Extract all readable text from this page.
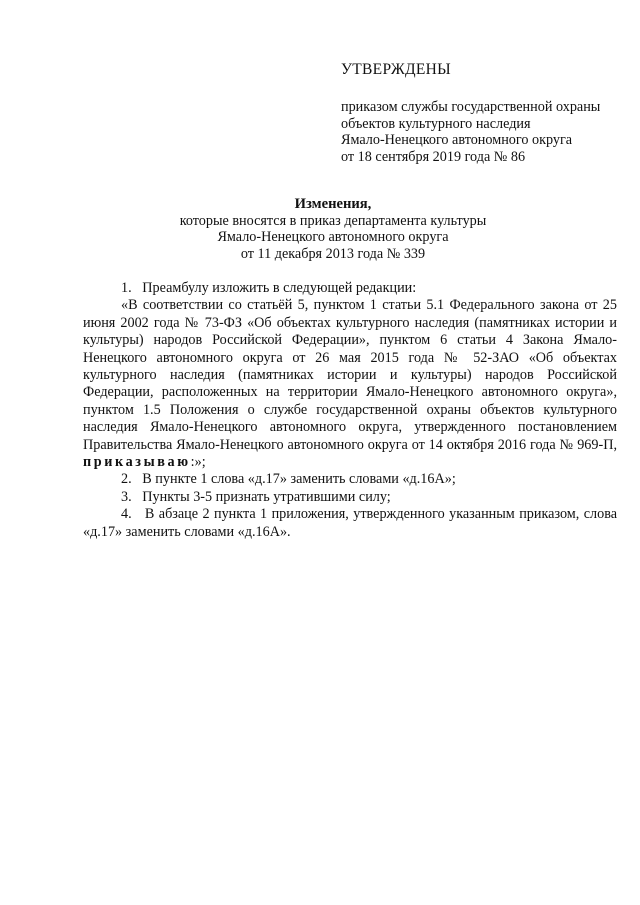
УТВЕРЖДЕНЫ
приказом службы государственной охраны
объектов культурного наследия
Ямало-Ненецкого автономного округа
от 18 сентября 2019 года № 86
Изменения,
которые вносятся в приказ департамента культуры
Ямало-Ненецкого автономного округа
от 11 декабря 2013 года № 339

1. Преамбулу изложить в следующей редакции:

«В соответствии со статьёй 5, пунктом 1 статьи 5.1 Федерального закона от 25 июня 2002 года № 73-ФЗ «Об объектах культурного наследия (памятниках истории и культуры) народов Российской Федерации», пунктом 6 статьи 4 Закона Ямало-Ненецкого автономного округа от 26 мая 2015 года № 52-ЗАО «Об объектах культурного наследия (памятниках истории и культуры) народов Российской Федерации, расположенных на территории Ямало-Ненецкого автономного округа», пунктом 1.5 Положения о службе государственной охраны объектов культурного наследия Ямало-Ненецкого автономного округа, утвержденного постановлением Правительства Ямало-Ненецкого автономного округа от 14 октября 2016 года № 969-П, приказываю:»;

2. В пункте 1 слова «д.17» заменить словами «д.16А»;

3. Пункты 3-5 признать утратившими силу;

4. В абзаце 2 пункта 1 приложения, утвержденного указанным приказом, слова «д.17» заменить словами «д.16А».
